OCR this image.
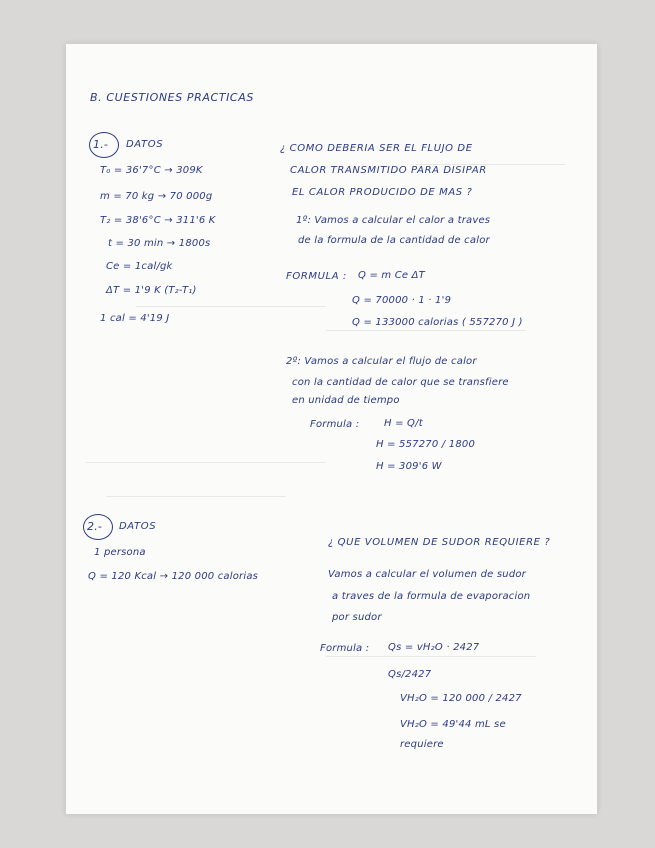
B. CUESTIONES PRACTICAS
1.- DATOS
T₀ = 36'7°C → 309K
m = 70 kg → 70 000g
T₂ = 38'6°C → 311'6 K
t = 30 min → 1800s
Ce = 1cal/gk
ΔT = 1'9 K (T₂-T₁)
1 cal = 4'19 J
¿ COMO DEBERIA SER EL FLUJO DE
CALOR TRANSMITIDO PARA DISIPAR
EL CALOR PRODUCIDO DE MAS ?
1º: Vamos a calcular el calor a traves
de la formula de la cantidad de calor
FORMULA : Q = m Ce ΔT
Q = 70000 · 1 · 1'9
Q = 133000 calorias ( 557270 J )
2º: Vamos a calcular el flujo de calor
con la cantidad de calor que se transfiere
en unidad de tiempo
Formula : H = Q/t
H = 557270 / 1800
H = 309'6 W
2.- DATOS
1 persona
Q = 120 Kcal → 120 000 calorias
¿ QUE VOLUMEN DE SUDOR REQUIERE ?
Vamos a calcular el volumen de sudor
a traves de la formula de evaporacion
por sudor
Formula : Qs = vH₂O · 2427
Qs/2427
VH₂O = 120 000 / 2427
VH₂O = 49'44 mL se
requiere
